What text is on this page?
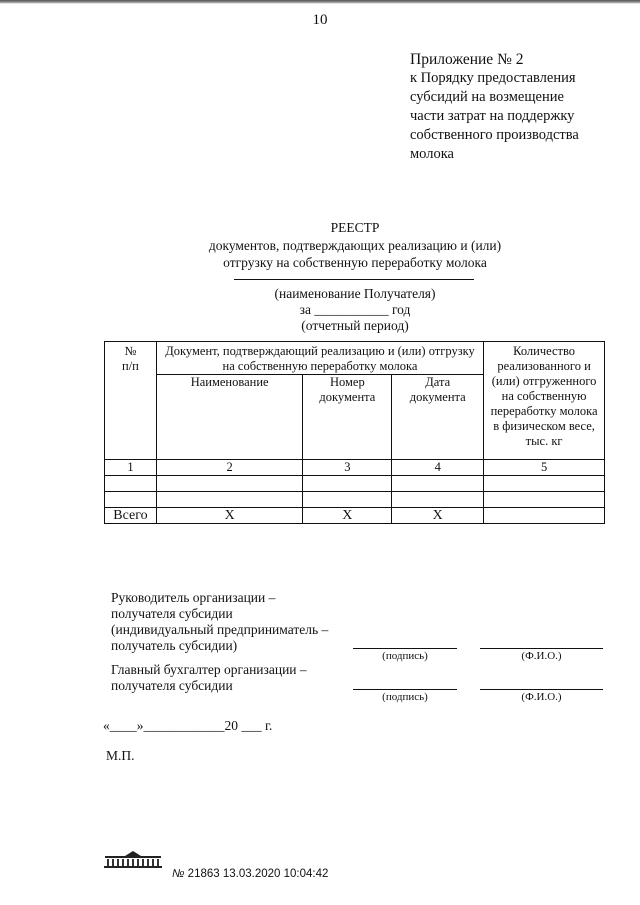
10
Приложение № 2
к Порядку предоставления
субсидий на возмещение
части затрат на поддержку
собственного производства
молока
РЕЕСТР
документов, подтверждающих реализацию и (или)
отгрузку на собственную переработку молока
(наименование Получателя)
за ___________ год
(отчетный период)
№
п/п	Документ, подтверждающий реализацию и (или) отгрузку на собственную переработку молока			Количество реализованного и (или) отгруженного на собственную переработку молока в физическом весе, тыс. кг
	Наименование	Номер документа	Дата документа	
1	2	3	4	5

Всего	Х	Х	Х	
Руководитель организации –
получателя субсидии
(индивидуальный предприниматель –
получатель субсидии)
(подпись)	(Ф.И.О.)
Главный бухгалтер организации –
получателя субсидии
(подпись)	(Ф.И.О.)
«____»____________20 ___ г.
М.П.
№ 21863 13.03.2020 10:04:42
